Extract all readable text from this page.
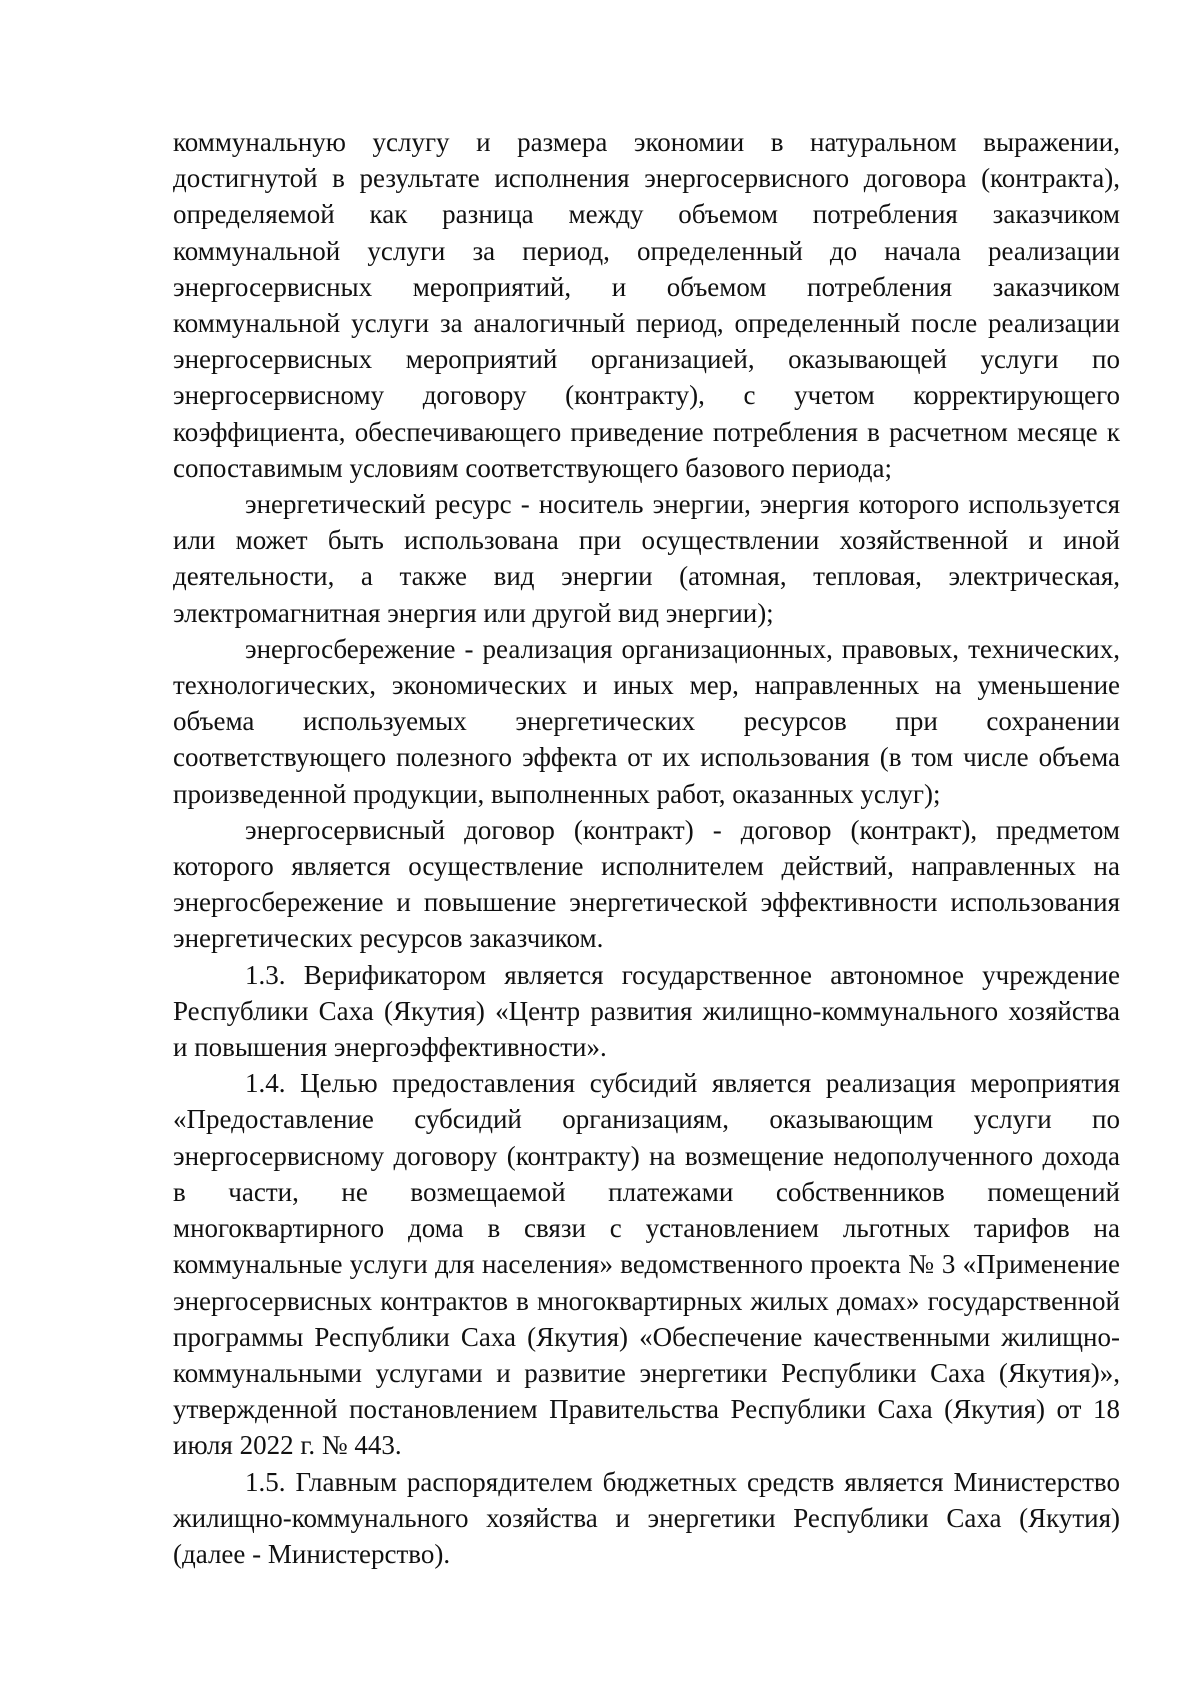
коммунальную услугу и размера экономии в натуральном выражении, достигнутой в результате исполнения энергосервисного договора (контракта), определяемой как разница между объемом потребления заказчиком коммунальной услуги за период, определенный до начала реализации энергосервисных мероприятий, и объемом потребления заказчиком коммунальной услуги за аналогичный период, определенный после реализации энергосервисных мероприятий организацией, оказывающей услуги по энергосервисному договору (контракту), с учетом корректирующего коэффициента, обеспечивающего приведение потребления в расчетном месяце к сопоставимым условиям соответствующего базового периода;

энергетический ресурс - носитель энергии, энергия которого используется или может быть использована при осуществлении хозяйственной и иной деятельности, а также вид энергии (атомная, тепловая, электрическая, электромагнитная энергия или другой вид энергии);

энергосбережение - реализация организационных, правовых, технических, технологических, экономических и иных мер, направленных на уменьшение объема используемых энергетических ресурсов при сохранении соответствующего полезного эффекта от их использования (в том числе объема произведенной продукции, выполненных работ, оказанных услуг);

энергосервисный договор (контракт) - договор (контракт), предметом которого является осуществление исполнителем действий, направленных на энергосбережение и повышение энергетической эффективности использования энергетических ресурсов заказчиком.

1.3. Верификатором является государственное автономное учреждение Республики Саха (Якутия) «Центр развития жилищно-коммунального хозяйства и повышения энергоэффективности».

1.4. Целью предоставления субсидий является реализация мероприятия «Предоставление субсидий организациям, оказывающим услуги по энергосервисному договору (контракту) на возмещение недополученного дохода в части, не возмещаемой платежами собственников помещений многоквартирного дома в связи с установлением льготных тарифов на коммунальные услуги для населения» ведомственного проекта № 3 «Применение энергосервисных контрактов в многоквартирных жилых домах» государственной программы Республики Саха (Якутия) «Обеспечение качественными жилищно-коммунальными услугами и развитие энергетики Республики Саха (Якутия)», утвержденной постановлением Правительства Республики Саха (Якутия) от 18 июля 2022 г. № 443.

1.5. Главным распорядителем бюджетных средств является Министерство жилищно-коммунального хозяйства и энергетики Республики Саха (Якутия) (далее - Министерство).
